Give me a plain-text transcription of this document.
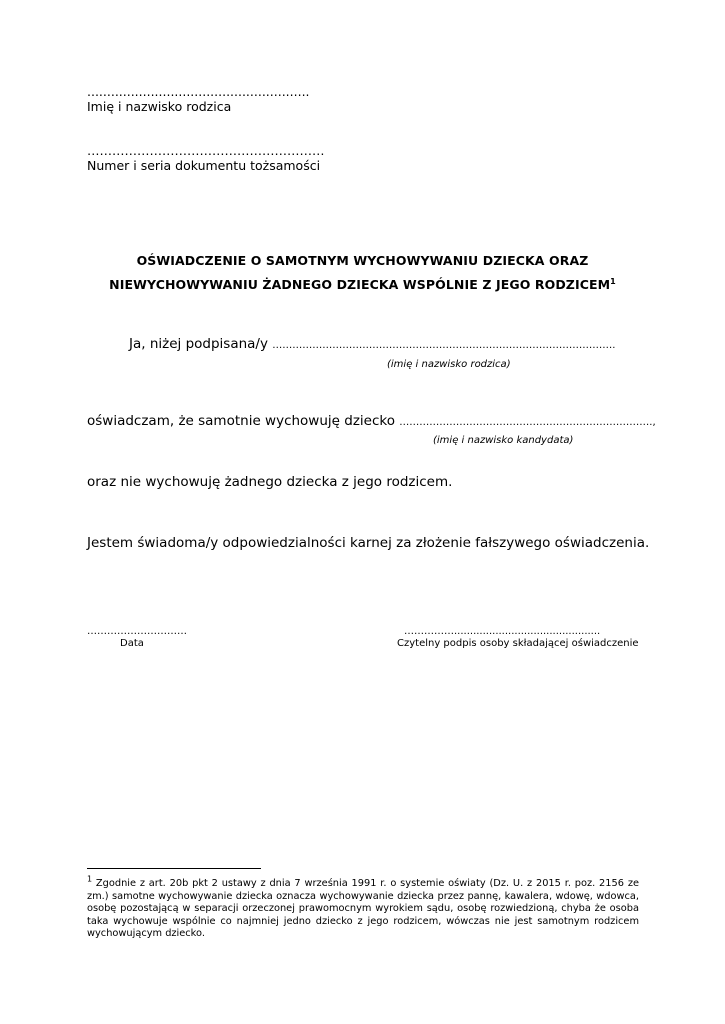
........................................................
Imię i nazwisko rodzica
…………………………………………………
Numer i seria dokumentu tożsamości
OŚWIADCZENIE O SAMOTNYM WYCHOWYWANIU DZIECKA ORAZ
NIEWYCHOWYWANIU ŻADNEGO DZIECKA WSPÓLNIE Z JEGO RODZICEM$^1$
Ja, niżej podpisana/y ………………………………………………………………………………………….
(imię i nazwisko rodzica)
oświadczam, że samotnie wychowuję dziecko ………………………………………………………………….,
(imię i nazwisko kandydata)
oraz nie wychowuję żadnego dziecka z jego rodzicem.
Jestem świadoma/y odpowiedzialności karnej za złożenie fałszywego oświadczenia.
…………………………
Data
……………..............................................
Czytelny podpis osoby składającej oświadczenie
$^1$ Zgodnie z art. 20b pkt 2 ustawy z dnia 7 września 1991 r. o systemie oświaty (Dz. U. z 2015 r. poz. 2156 ze zm.) samotne wychowywanie dziecka oznacza wychowywanie dziecka przez pannę, kawalera, wdowę, wdowca, osobę pozostającą w separacji orzeczonej prawomocnym wyrokiem sądu, osobę rozwiedzioną, chyba że osoba taka wychowuje wspólnie co najmniej jedno dziecko z jego rodzicem, wówczas nie jest samotnym rodzicem wychowującym dziecko.
